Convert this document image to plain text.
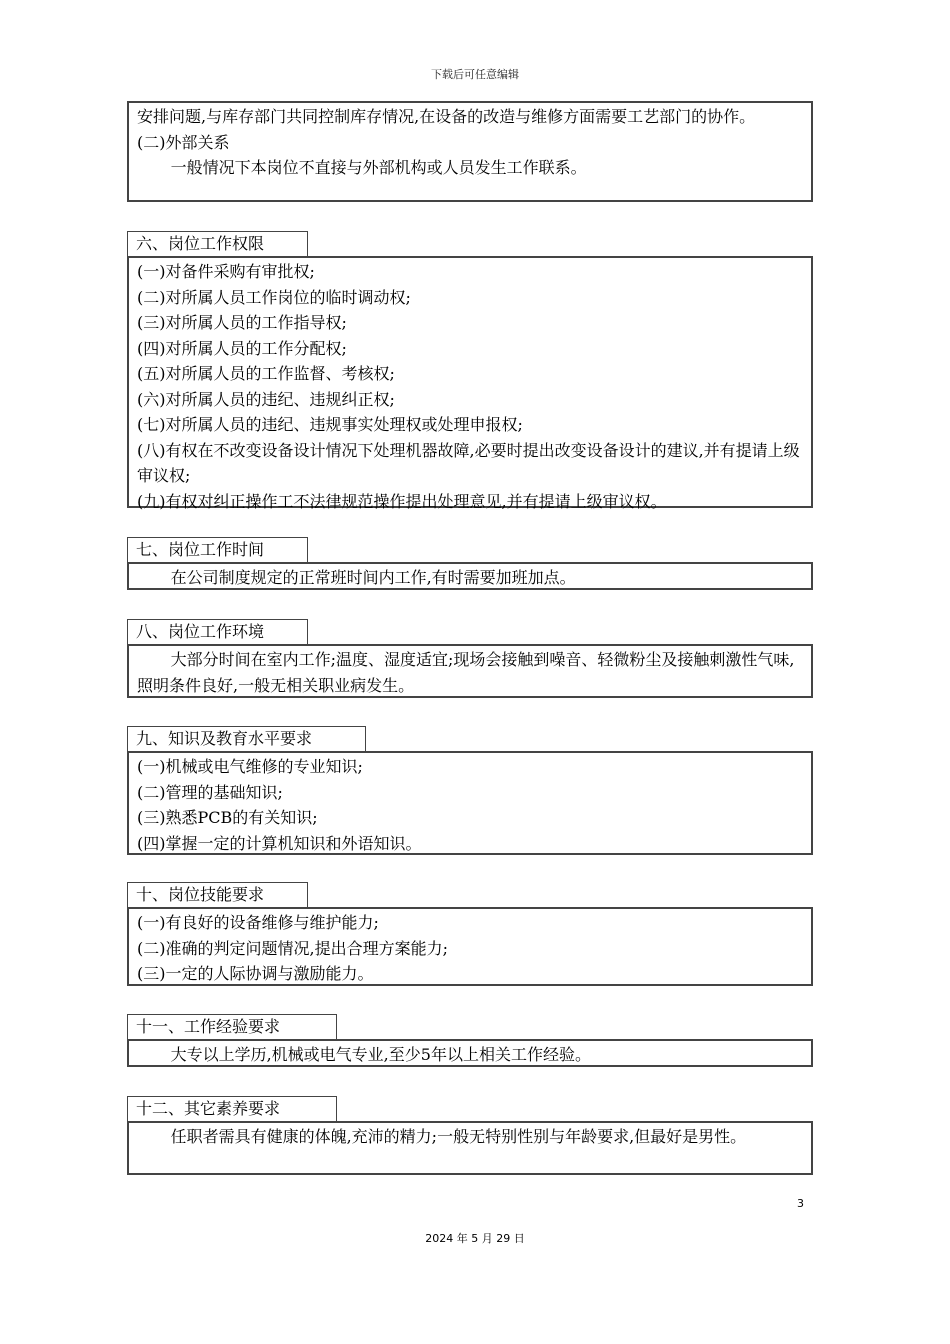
下载后可任意编辑

安排问题,与库存部门共同控制库存情况,在设备的改造与维修方面需要工艺部门的协作。

(二)外部关系

一般情况下本岗位不直接与外部机构或人员发生工作联系。

六、岗位工作权限

(一)对备件采购有审批权;

(二)对所属人员工作岗位的临时调动权;

(三)对所属人员的工作指导权;

(四)对所属人员的工作分配权;

(五)对所属人员的工作监督、考核权;

(六)对所属人员的违纪、违规纠正权;

(七)对所属人员的违纪、违规事实处理权或处理申报权;

(八)有权在不改变设备设计情况下处理机器故障,必要时提出改变设备设计的建议,并有提请上级审议权;

(九)有权对纠正操作工不法律规范操作提出处理意见,并有提请上级审议权。

七、岗位工作时间

在公司制度规定的正常班时间内工作,有时需要加班加点。

八、岗位工作环境

大部分时间在室内工作;温度、湿度适宜;现场会接触到噪音、轻微粉尘及接触刺激性气味,照明条件良好,一般无相关职业病发生。

九、知识及教育水平要求

(一)机械或电气维修的专业知识;

(二)管理的基础知识;

(三)熟悉PCB的有关知识;

(四)掌握一定的计算机知识和外语知识。

十、岗位技能要求

(一)有良好的设备维修与维护能力;

(二)准确的判定问题情况,提出合理方案能力;

(三)一定的人际协调与激励能力。

十一、工作经验要求

大专以上学历,机械或电气专业,至少5年以上相关工作经验。

十二、其它素养要求

任职者需具有健康的体魄,充沛的精力;一般无特别性别与年龄要求,但最好是男性。

3
2024 年 5 月 29 日
